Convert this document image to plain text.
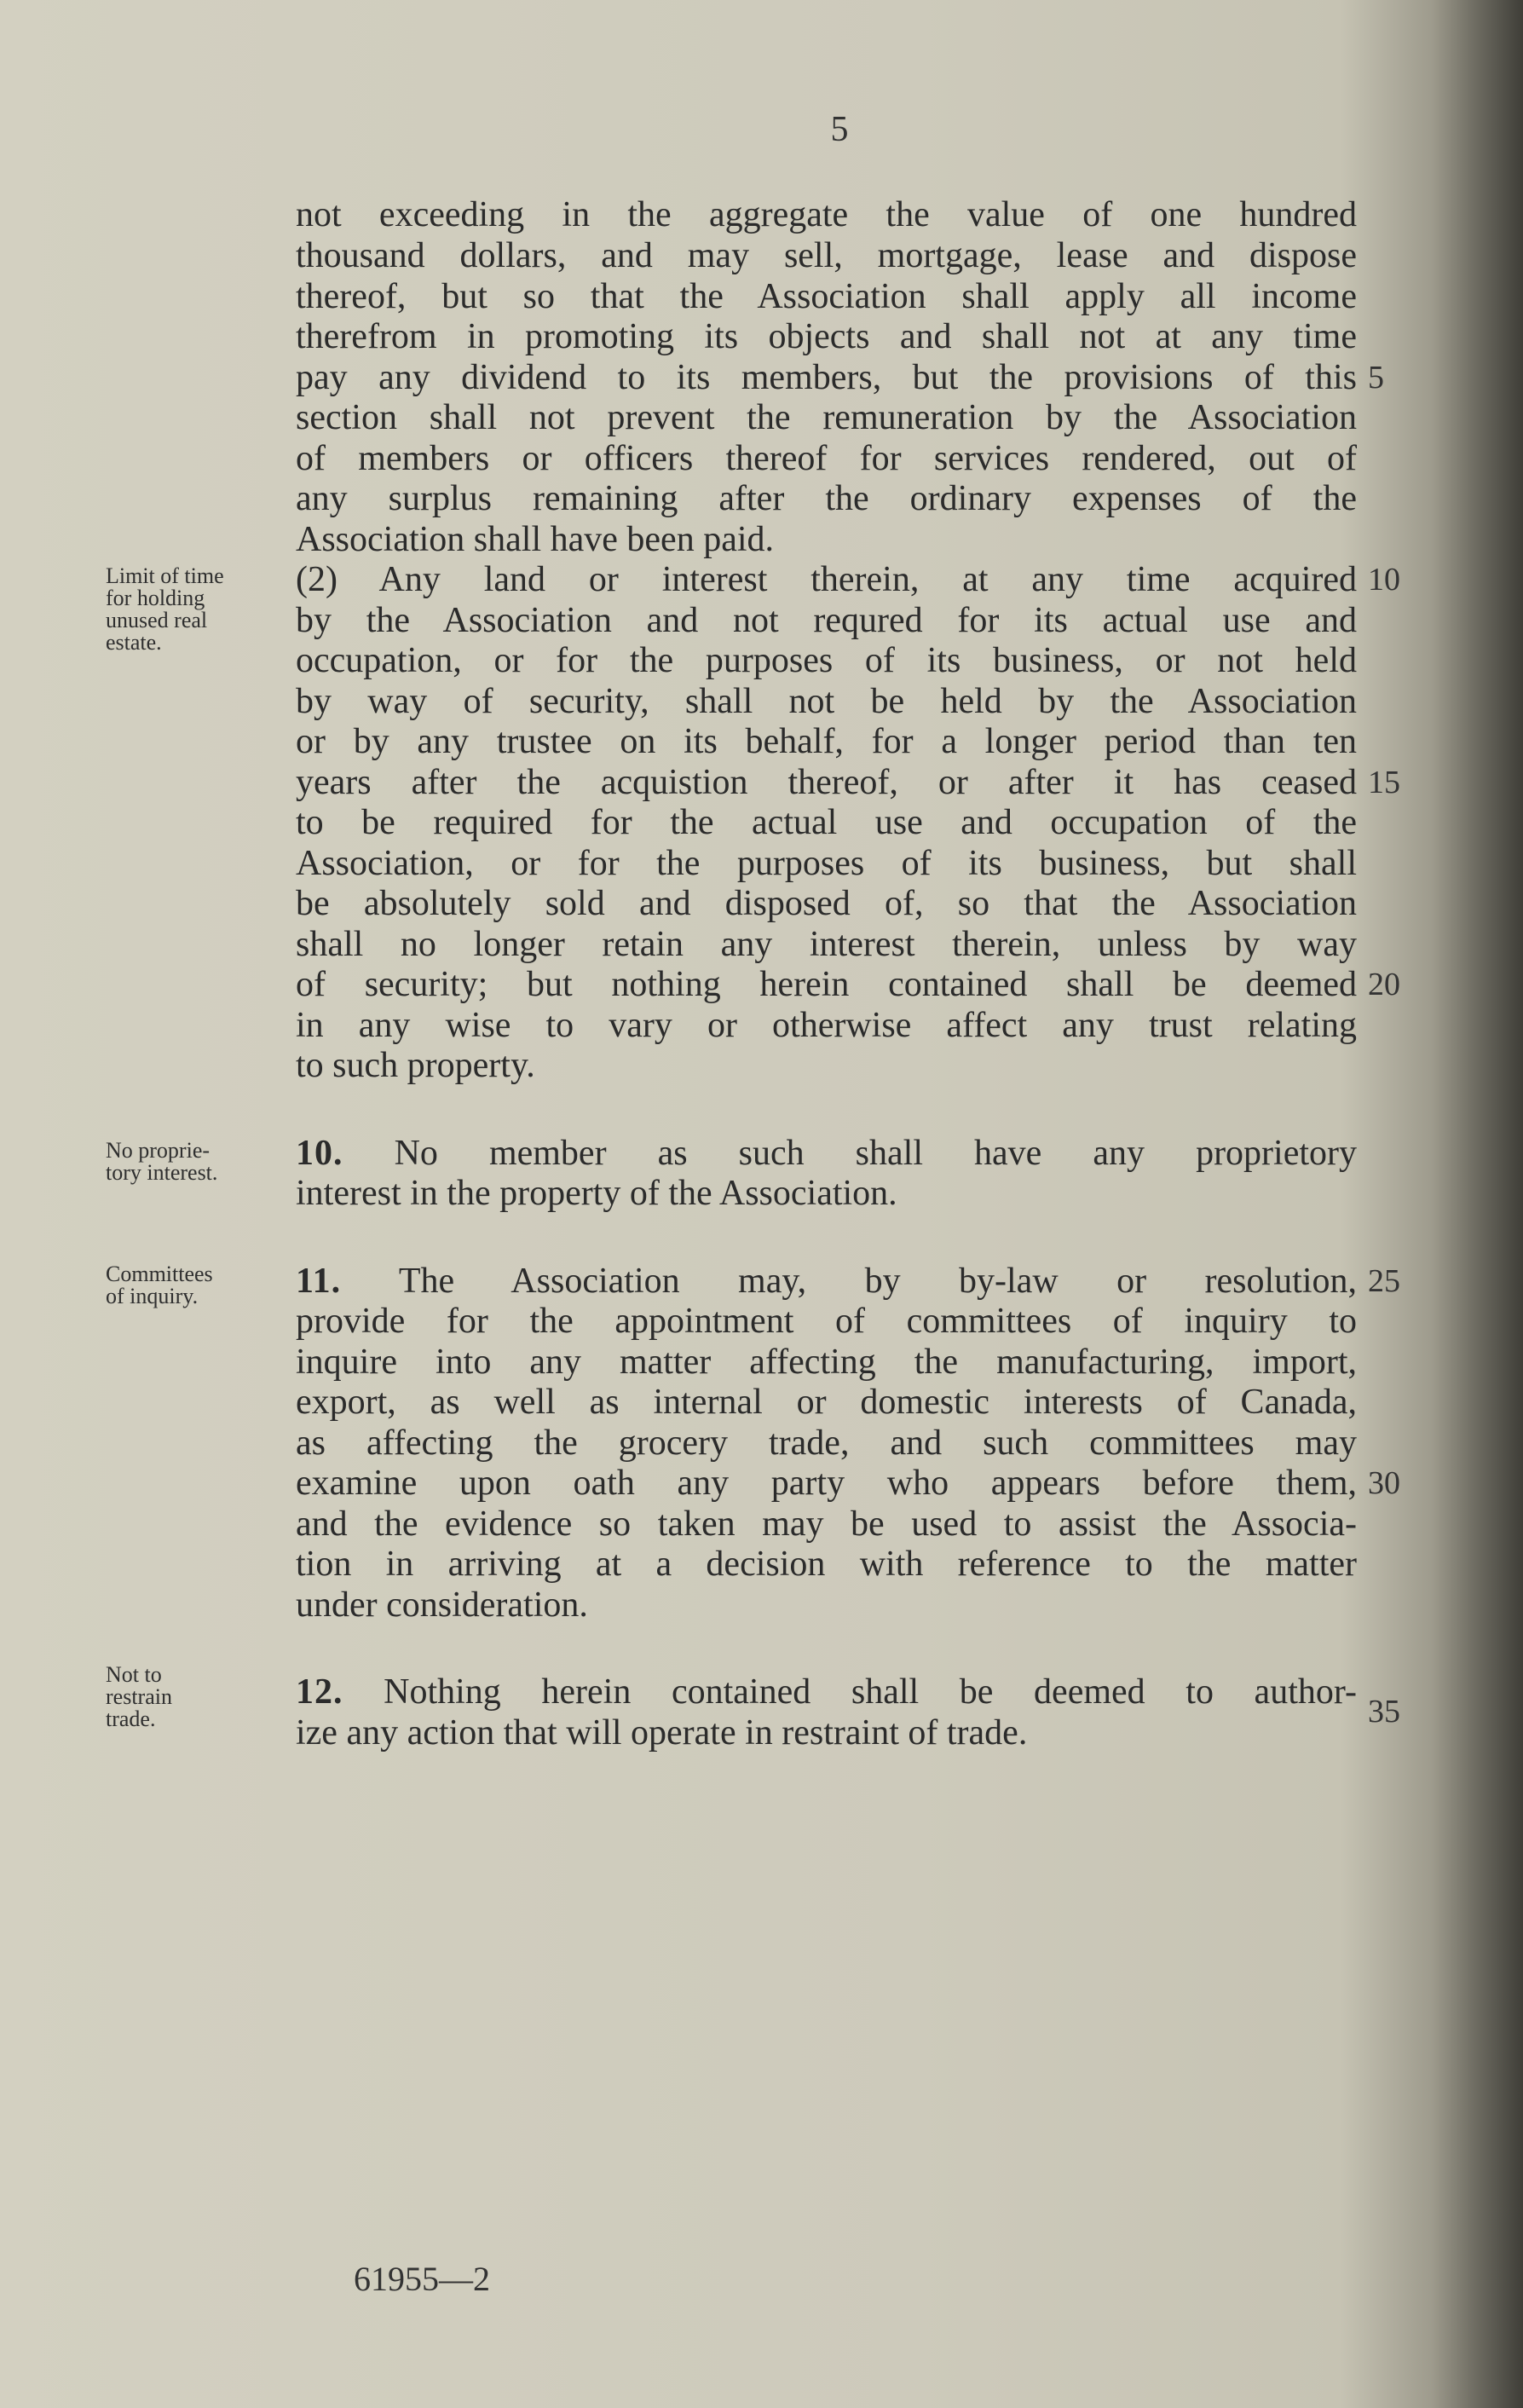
5
Limit of time
for holding
unused real
estate.
No proprie-
tory interest.
Committees
of inquiry.
Not to
restrain
trade.
not exceeding in the aggregate the value of one hundred
thousand dollars, and may sell, mortgage, lease and dispose
thereof, but so that the Association shall apply all income
therefrom in promoting its objects and shall not at any time
pay any dividend to its members, but the provisions of this
section shall not prevent the remuneration by the Association
of members or officers thereof for services rendered, out of
any surplus remaining after the ordinary expenses of the
Association shall have been paid.
(2) Any land or interest therein, at any time acquired
by the Association and not requred for its actual use and
occupation, or for the purposes of its business, or not held
by way of security, shall not be held by the Association
or by any trustee on its behalf, for a longer period than ten
years after the acquistion thereof, or after it has ceased
to be required for the actual use and occupation of the
Association, or for the purposes of its business, but shall
be absolutely sold and disposed of, so that the Association
shall no longer retain any interest therein, unless by way
of security; but nothing herein contained shall be deemed
in any wise to vary or otherwise affect any trust relating
to such property.
10. No member as such shall have any proprietory
interest in the property of the Association.
11. The Association may, by by-law or resolution,
provide for the appointment of committees of inquiry to
inquire into any matter affecting the manufacturing, import,
export, as well as internal or domestic interests of Canada,
as affecting the grocery trade, and such committees may
examine upon oath any party who appears before them,
and the evidence so taken may be used to assist the Associa-
tion in arriving at a decision with reference to the matter
under consideration.
12. Nothing herein contained shall be deemed to author-
ize any action that will operate in restraint of trade.
5
10
15
20
25
30
35
61955—2
